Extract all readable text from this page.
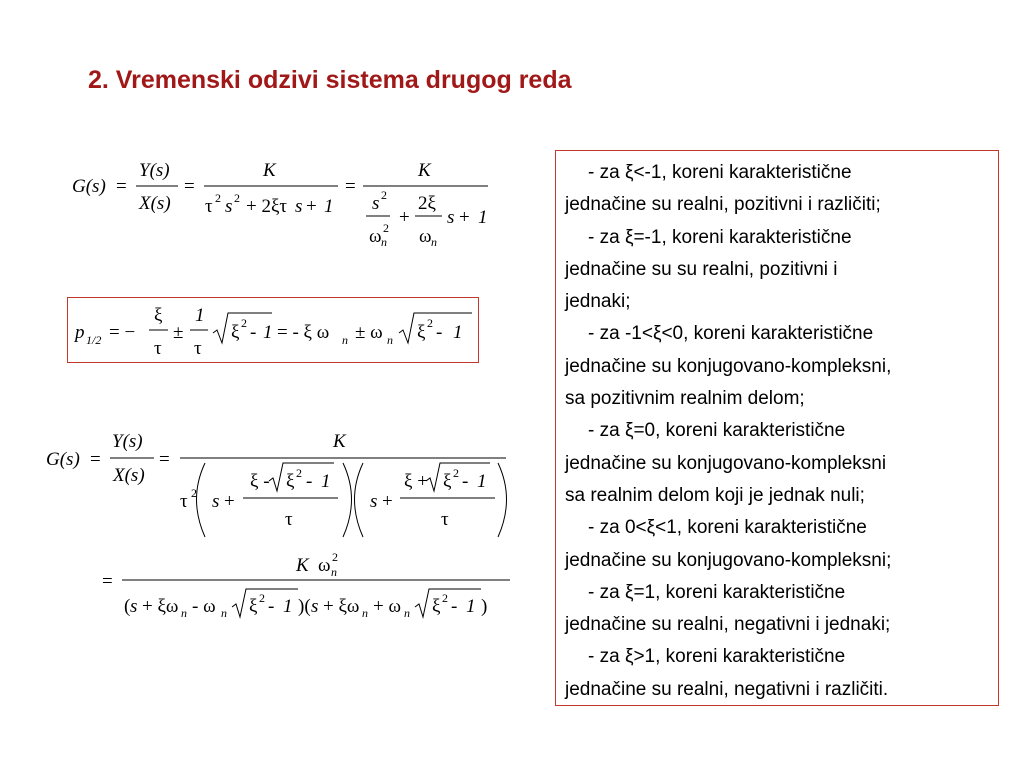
2. Vremenski odzivi sistema drugog reda
G(s) =
Y(s)
X(s)
=
K
τ 2 s 2 + 2ξτ s + 1
=
K
s 2
ω n
2 +
2ξ
ω n
s + 1
p 1/2 = −
ξ
τ
±
1
τ
ξ 2 - 1 = - ξ ω n ± ω n ξ 2 - 1
G(s) =
Y(s)
X(s)
=
K
τ 2 s +
ξ - ξ 2 - 1
τ
s +
ξ + ξ 2 - 1
τ
=
K ω n
2
( s + ξω n - ω n ξ 2 - 1 )( s + ξω n + ω n ξ 2 - 1 )
- za ξ<-1, koreni karakteristične
jednačine su realni, pozitivni i različiti;
- za ξ=-1, koreni karakteristične
jednačine su su realni, pozitivni i
jednaki;
- za -1<ξ<0, koreni karakteristične
jednačine su konjugovano-kompleksni,
sa pozitivnim realnim delom;
- za ξ=0, koreni karakteristične
jednačine su konjugovano-kompleksni
sa realnim delom koji je jednak nuli;
- za 0<ξ<1, koreni karakteristične
jednačine su konjugovano-kompleksni;
- za ξ=1, koreni karakteristične
jednačine su realni, negativni i jednaki;
- za ξ>1, koreni karakteristične
jednačine su realni, negativni i različiti.
